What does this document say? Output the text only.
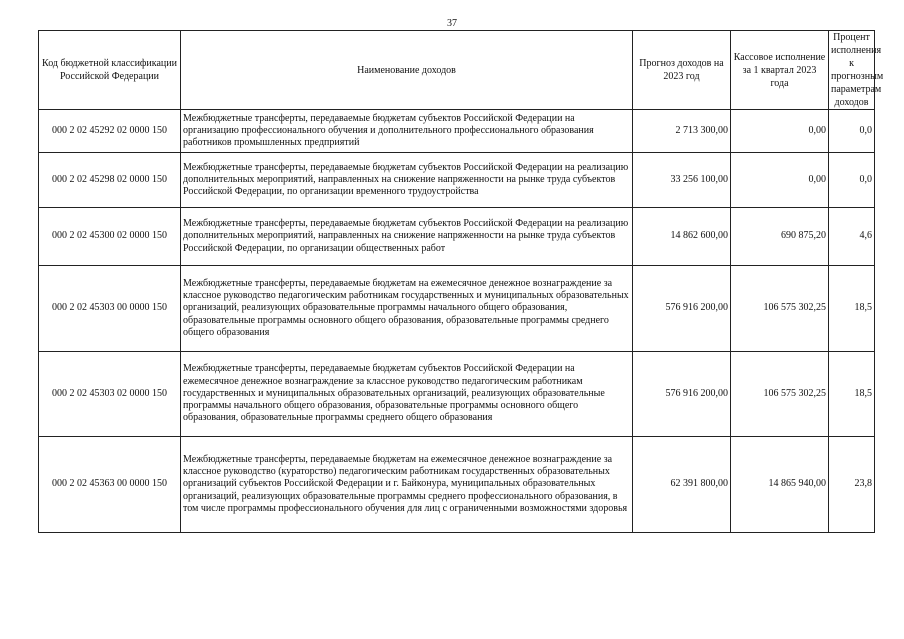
37
Код бюджетной классификации Российской Федерации	Наименование доходов	Прогноз доходов на 2023 год	Кассовое исполнение за 1 квартал 2023 года	Процент исполнения к прогнозным параметрам доходов
000 2 02 45292 02 0000 150	Межбюджетные трансферты, передаваемые бюджетам субъектов Российской Федерации на организацию профессионального обучения и дополнительного профессионального образования работников промышленных предприятий	2 713 300,00	0,00	0,0
000 2 02 45298 02 0000 150	Межбюджетные трансферты, передаваемые бюджетам субъектов Российской Федерации на реализацию дополнительных мероприятий, направленных на снижение напряженности на рынке труда субъектов Российской Федерации, по организации временного трудоустройства	33 256 100,00	0,00	0,0
000 2 02 45300 02 0000 150	Межбюджетные трансферты, передаваемые бюджетам субъектов Российской Федерации на реализацию дополнительных мероприятий, направленных на снижение напряженности на рынке труда субъектов Российской Федерации, по организации общественных работ	14 862 600,00	690 875,20	4,6
000 2 02 45303 00 0000 150	Межбюджетные трансферты, передаваемые бюджетам на ежемесячное денежное вознаграждение за классное руководство педагогическим работникам государственных и муниципальных образовательных организаций, реализующих образовательные программы начального общего образования, образовательные программы основного общего образования, образовательные программы среднего общего образования	576 916 200,00	106 575 302,25	18,5
000 2 02 45303 02 0000 150	Межбюджетные трансферты, передаваемые бюджетам субъектов Российской Федерации на ежемесячное денежное вознаграждение за классное руководство педагогическим работникам государственных и муниципальных образовательных организаций, реализующих образовательные программы начального общего образования, образовательные программы основного общего образования, образовательные программы среднего общего образования	576 916 200,00	106 575 302,25	18,5
000 2 02 45363 00 0000 150	Межбюджетные трансферты, передаваемые бюджетам на ежемесячное денежное вознаграждение за классное руководство (кураторство) педагогическим работникам государственных образовательных организаций субъектов Российской Федерации и г. Байконура, муниципальных образовательных организаций, реализующих образовательные программы среднего профессионального образования, в том числе программы профессионального обучения для лиц с ограниченными возможностями здоровья	62 391 800,00	14 865 940,00	23,8
